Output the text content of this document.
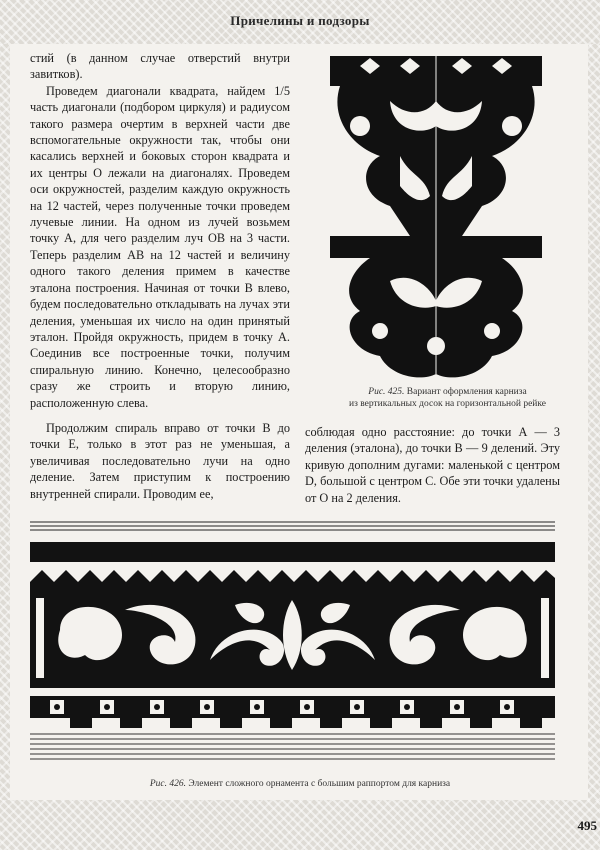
Причелины и подзоры

стий (в данном случае отверстий внутри завитков).

Проведем диагонали квадрата, найдем 1/5 часть диагонали (подбором циркуля) и радиусом такого размера очертим в верхней части две вспомогательные окружности так, чтобы они касались верхней и боковых сторон квадрата и их центры О лежали на диагоналях. Проведем оси окружностей, разделим каждую окружность на 12 частей, через полученные точки проведем лучевые линии. На одном из лучей возьмем точку А, для чего разделим луч ОВ на 3 части. Теперь разделим АВ на 12 частей и величину одного такого деления примем в качестве эталона построения. Начиная от точки В влево, будем последовательно откладывать на лучах эти деления, уменьшая их число на один принятый эталон. Пройдя окружность, придем в точку А. Соединив все построенные точки, получим спиральную линию. Конечно, целесообразно сразу же строить и вторую линию, расположенную слева.

Продолжим спираль вправо от точки В до точки Е, только в этот раз не уменьшая, а увеличивая последовательно лучи на одно деление. Затем приступим к построению внутренней спирали. Проводим ее,

соблюдая одно расстояние: до точки А — 3 деления (эталона), до точки В — 9 делений. Эту кривую дополним дугами: маленькой с центром D, большой с центром С. Обе эти точки удалены от О на 2 деления.

Рис. 425. Вариант оформления карниза
из вертикальных досок на горизонтальной рейке
Рис. 426. Элемент сложного орнамента с большим раппортом для карниза
495
